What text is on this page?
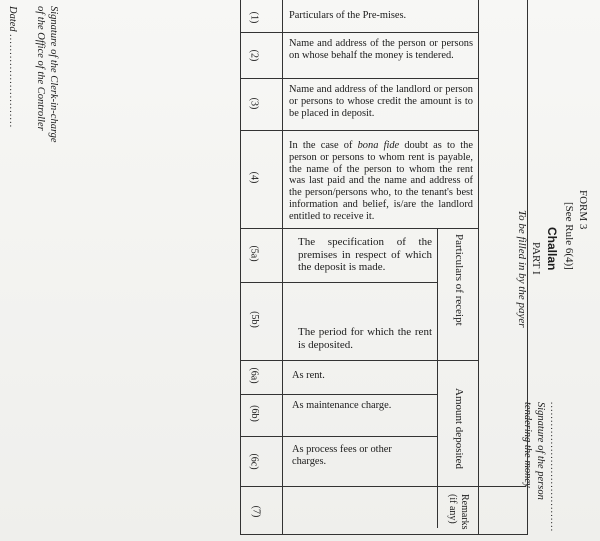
Signature of the Clerk-in-charge
of the Office of the Controller
Dated ..........................
FORM 3
[See Rule 6(4)]
Challan
PART I
To be filled in by the payer
....................................
Signature of the person
tendering the money
(1)
(2)
(3)
(4)
(5a)
(5b)
(6a)
(6b)
(6c)
(7)
Particulars of the Pre-mises.
Name and address of the person or persons on whose behalf the money is tendered.
Name and address of the landlord or person or persons to whose credit the amount is to be placed in deposit.
In the case of bona fide doubt as to the person or persons to whom rent is payable, the name of the person to whom the rent was last paid and the name and address of the person/persons who, to the tenant's best information and belief, is/are the landlord entitled to receive it.
The specification of the premises in respect of which the deposit is made.
The period for which the rent is deposited.
As rent.
As maintenance charge.
As process fees or other charges.
Particulars of receipt
Amount deposited
Remarks
(if any)
